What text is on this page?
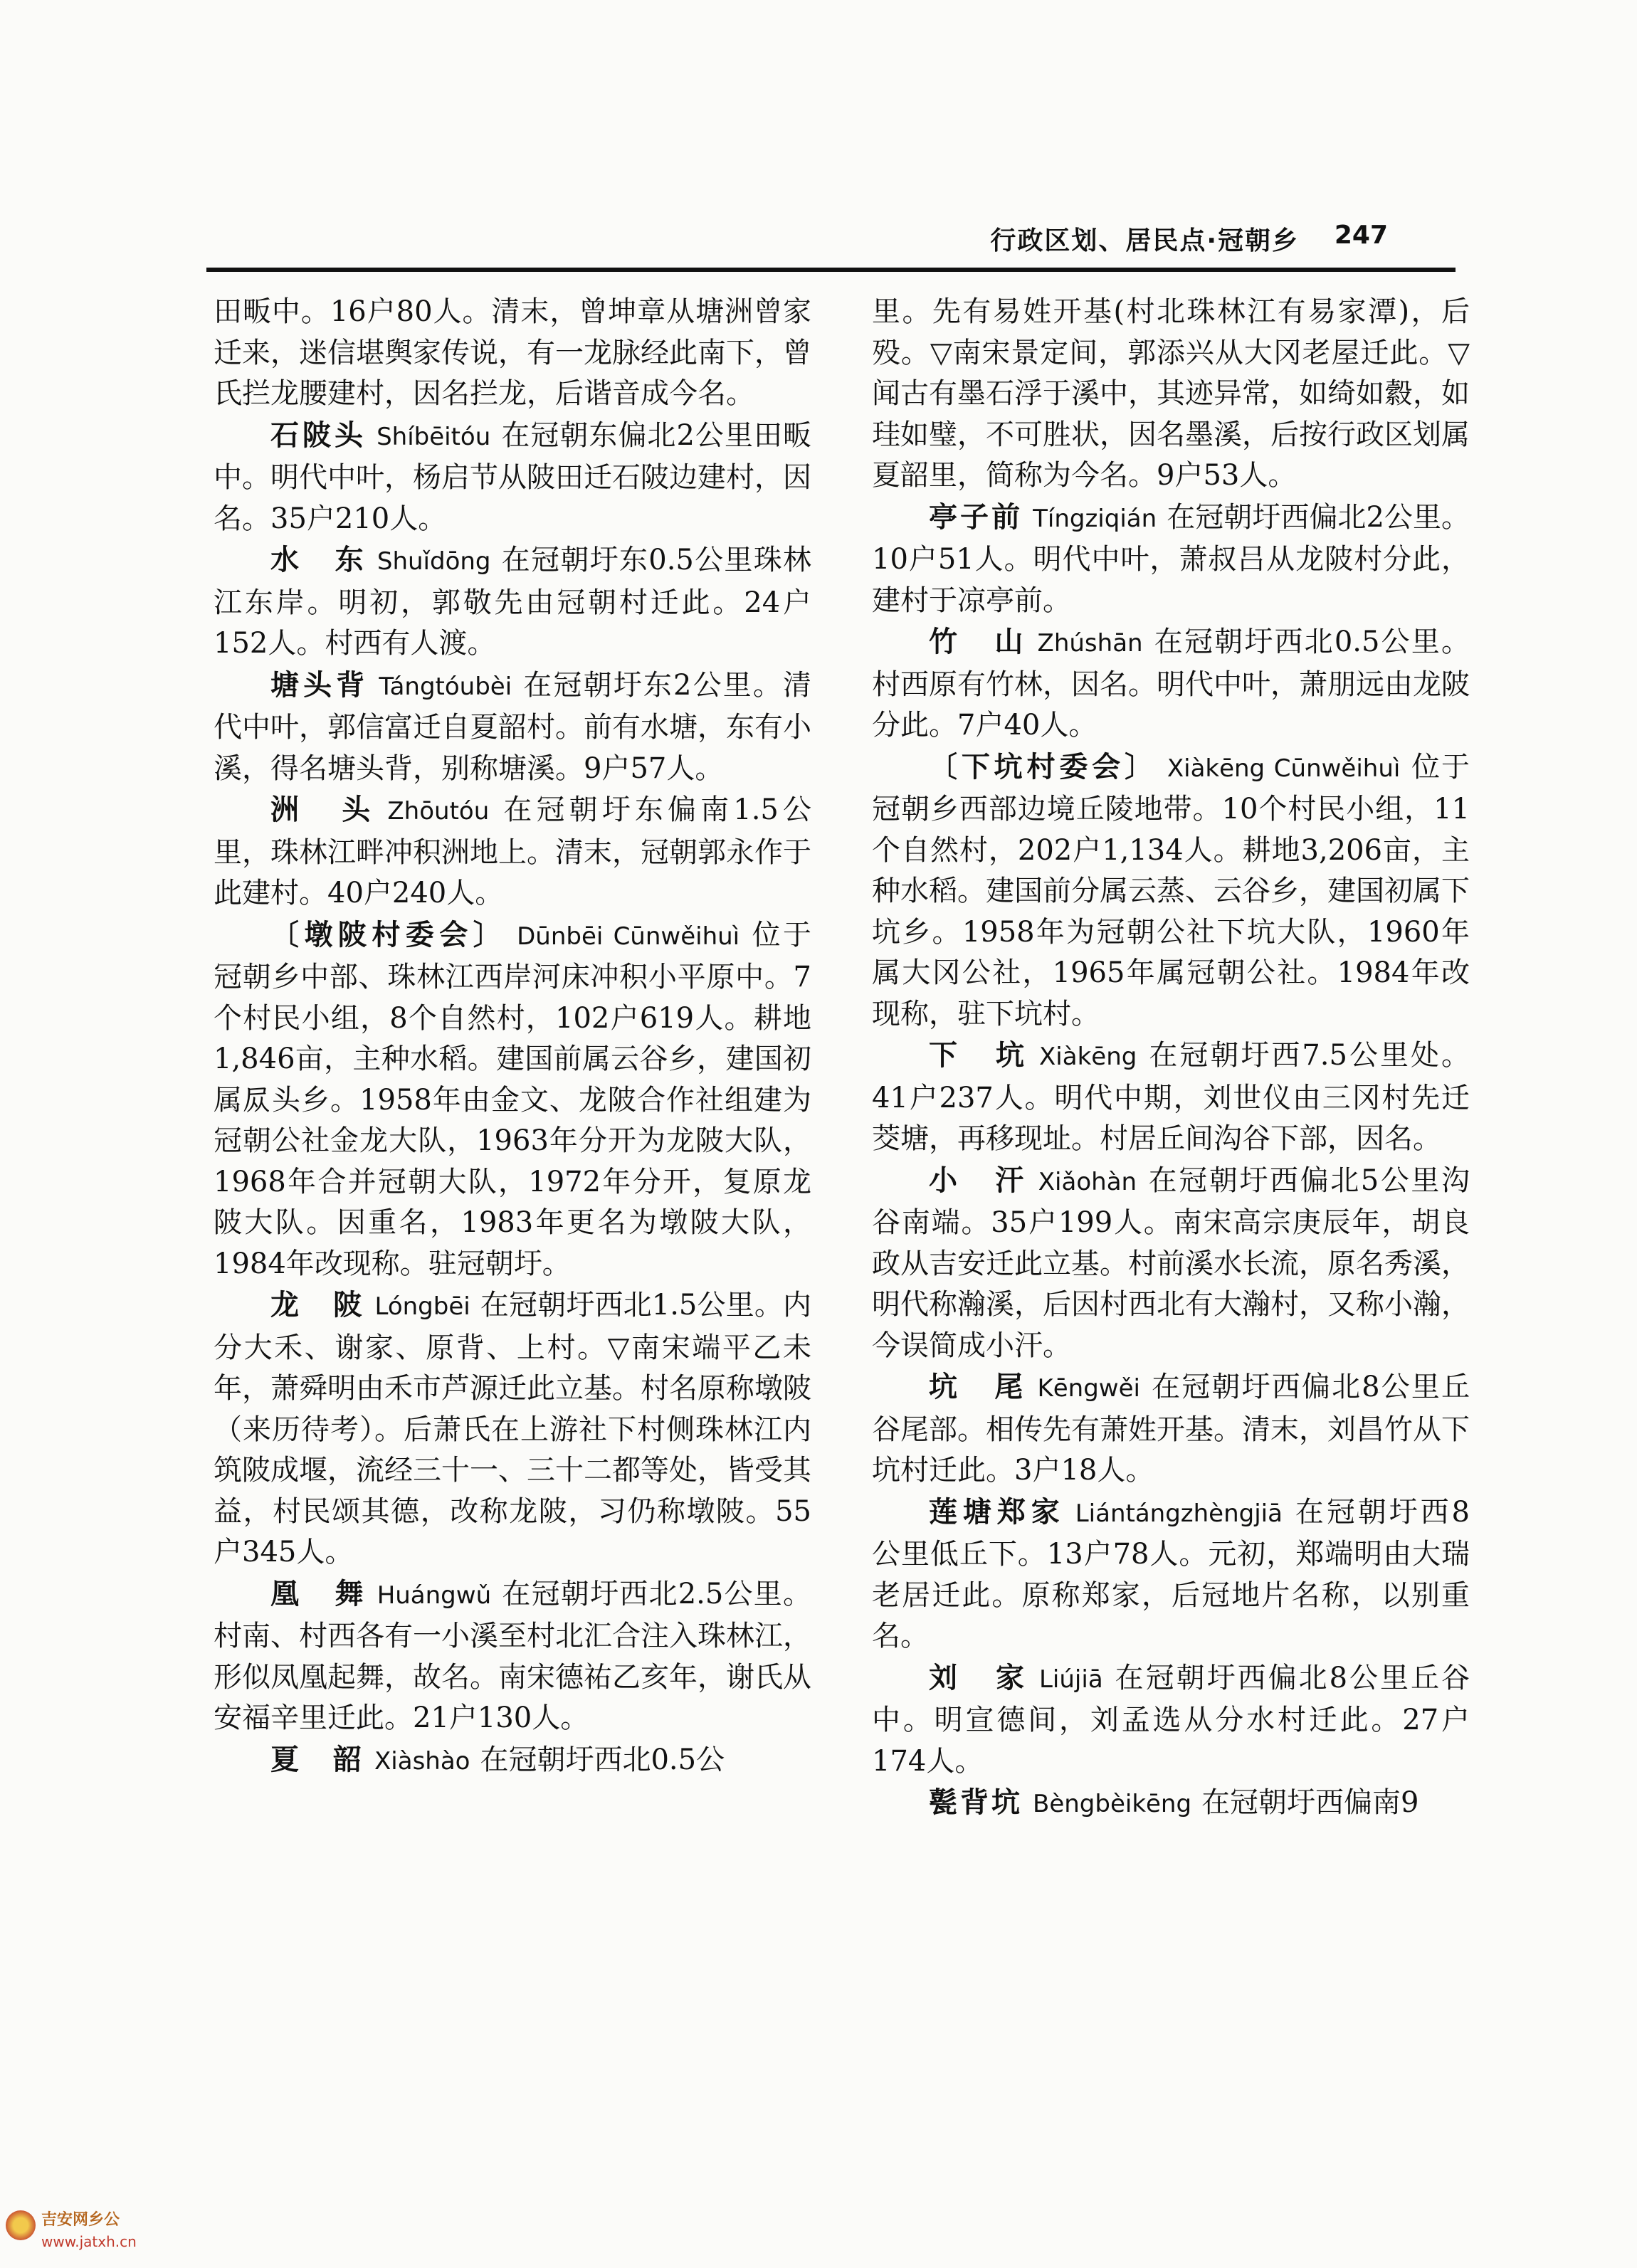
行政区划、居民点·冠朝乡 247

田畈中。16户80人。清末，曾坤章从塘洲曾家迁来，迷信堪舆家传说，有一龙脉经此南下，曾氏拦龙腰建村，因名拦龙，后谐音成今名。

石陂头 Shíbēitóu 在冠朝东偏北2公里田畈中。明代中叶，杨启节从陂田迁石陂边建村，因名。35户210人。

水　东 Shuǐdōng 在冠朝圩东0.5公里珠林江东岸。明初，郭敬先由冠朝村迁此。24户152人。村西有人渡。

塘头背 Tángtóubèi 在冠朝圩东2公里。清代中叶，郭信富迁自夏韶村。前有水塘，东有小溪，得名塘头背，别称塘溪。9户57人。

洲　头 Zhōutóu 在冠朝圩东偏南1.5公里，珠林江畔冲积洲地上。清末，冠朝郭永作于此建村。40户240人。

〔墩陂村委会〕 Dūnbēi Cūnwěihuì 位于冠朝乡中部、珠林江西岸河床冲积小平原中。7个村民小组，8个自然村，102户619人。耕地1,846亩，主种水稻。建国前属云谷乡，建国初属𪨊头乡。1958年由金文、龙陂合作社组建为冠朝公社金龙大队，1963年分开为龙陂大队，1968年合并冠朝大队，1972年分开，复原龙陂大队。因重名，1983年更名为墩陂大队，1984年改现称。驻冠朝圩。

龙　陂 Lóngbēi 在冠朝圩西北1.5公里。内分大禾、谢家、原背、上村。▽南宋端平乙未年，萧舜明由禾市芦源迁此立基。村名原称墩陂（来历待考）。后萧氏在上游社下村侧珠林江内筑陂成堰，流经三十一、三十二都等处，皆受其益，村民颂其德，改称龙陂，习仍称墩陂。55户345人。

凰　舞 Huángwǔ 在冠朝圩西北2.5公里。村南、村西各有一小溪至村北汇合注入珠林江，形似凤凰起舞，故名。南宋德祐乙亥年，谢氏从安福辛里迁此。21户130人。

夏　韶 Xiàshào 在冠朝圩西北0.5公

里。先有易姓开基(村北珠林江有易家潭)，后殁。▽南宋景定间，郭添兴从大冈老屋迁此。▽闻古有墨石浮于溪中，其迹异常，如绮如縠，如珪如璧，不可胜状，因名墨溪，后按行政区划属夏韶里，简称为今名。9户53人。

亭子前 Tíngziqián 在冠朝圩西偏北2公里。10户51人。明代中叶，萧叔吕从龙陂村分此，建村于凉亭前。

竹　山 Zhúshān 在冠朝圩西北0.5公里。村西原有竹林，因名。明代中叶，萧朋远由龙陂分此。7户40人。

〔下坑村委会〕 Xiàkēng Cūnwěihuì 位于冠朝乡西部边境丘陵地带。10个村民小组，11个自然村，202户1,134人。耕地3,206亩，主种水稻。建国前分属云蒸、云谷乡，建国初属下坑乡。1958年为冠朝公社下坑大队，1960年属大冈公社，1965年属冠朝公社。1984年改现称，驻下坑村。

下　坑 Xiàkēng 在冠朝圩西7.5公里处。41户237人。明代中期，刘世仪由三冈村先迁茭塘，再移现址。村居丘间沟谷下部，因名。

小　汗 Xiǎohàn 在冠朝圩西偏北5公里沟谷南端。35户199人。南宋高宗庚辰年，胡良政从吉安迁此立基。村前溪水长流，原名秀溪，明代称瀚溪，后因村西北有大瀚村，又称小瀚，今误简成小汗。

坑　尾 Kēngwěi 在冠朝圩西偏北8公里丘谷尾部。相传先有萧姓开基。清末，刘昌竹从下坑村迁此。3户18人。

莲塘郑家 Liántángzhèngjiā 在冠朝圩西8公里低丘下。13户78人。元初，郑端明由大瑞老居迁此。原称郑家，后冠地片名称，以别重名。

刘　家 Liújiā 在冠朝圩西偏北8公里丘谷中。明宣德间，刘孟选从分水村迁此。27户174人。

甏背坑 Bèngbèikēng 在冠朝圩西偏南9

吉安网乡公
www.jatxh.cn
